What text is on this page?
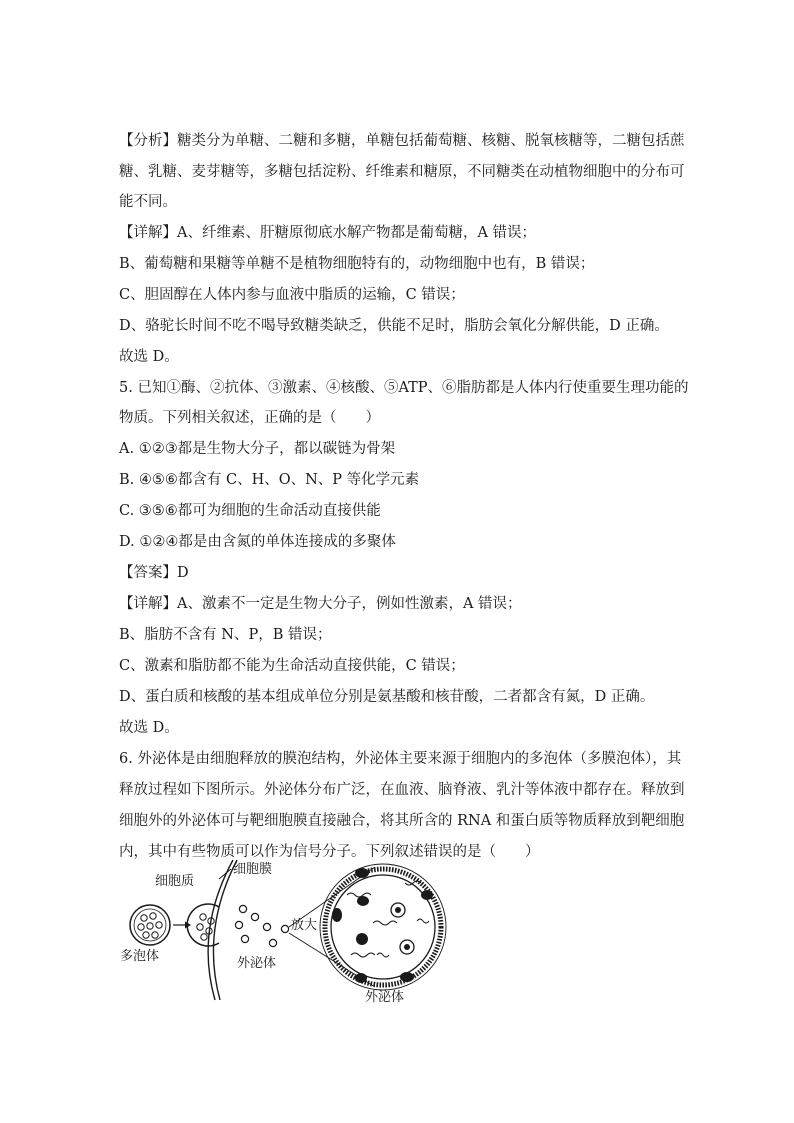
【分析】糖类分为单糖、二糖和多糖，单糖包括葡萄糖、核糖、脱氧核糖等，二糖包括蔗
糖、乳糖、麦芽糖等，多糖包括淀粉、纤维素和糖原，不同糖类在动植物细胞中的分布可
能不同。
【详解】A、纤维素、肝糖原彻底水解产物都是葡萄糖，A 错误；
B、葡萄糖和果糖等单糖不是植物细胞特有的，动物细胞中也有，B 错误；
C、胆固醇在人体内参与血液中脂质的运输，C 错误；
D、骆驼长时间不吃不喝导致糖类缺乏，供能不足时，脂肪会氧化分解供能，D 正确。
故选 D。
5. 已知①酶、②抗体、③激素、④核酸、⑤ATP、⑥脂肪都是人体内行使重要生理功能的
物质。下列相关叙述，正确的是（　　）
A. ①②③都是生物大分子，都以碳链为骨架
B. ④⑤⑥都含有 C、H、O、N、P 等化学元素
C. ③⑤⑥都可为细胞的生命活动直接供能
D. ①②④都是由含氮的单体连接成的多聚体
【答案】D
【详解】A、激素不一定是生物大分子，例如性激素，A 错误；
B、脂肪不含有 N、P，B 错误；
C、激素和脂肪都不能为生命活动直接供能，C 错误；
D、蛋白质和核酸的基本组成单位分别是氨基酸和核苷酸，二者都含有氮，D 正确。
故选 D。
6. 外泌体是由细胞释放的膜泡结构，外泌体主要来源于细胞内的多泡体（多膜泡体），其
释放过程如下图所示。外泌体分布广泛，在血液、脑脊液、乳汁等体液中都存在。释放到
细胞外的外泌体可与靶细胞膜直接融合，将其所含的 RNA 和蛋白质等物质释放到靶细胞
内，其中有些物质可以作为信号分子。下列叙述错误的是（　　）
细胞质
细胞膜
多泡体	外泌体
放大
外泌体
